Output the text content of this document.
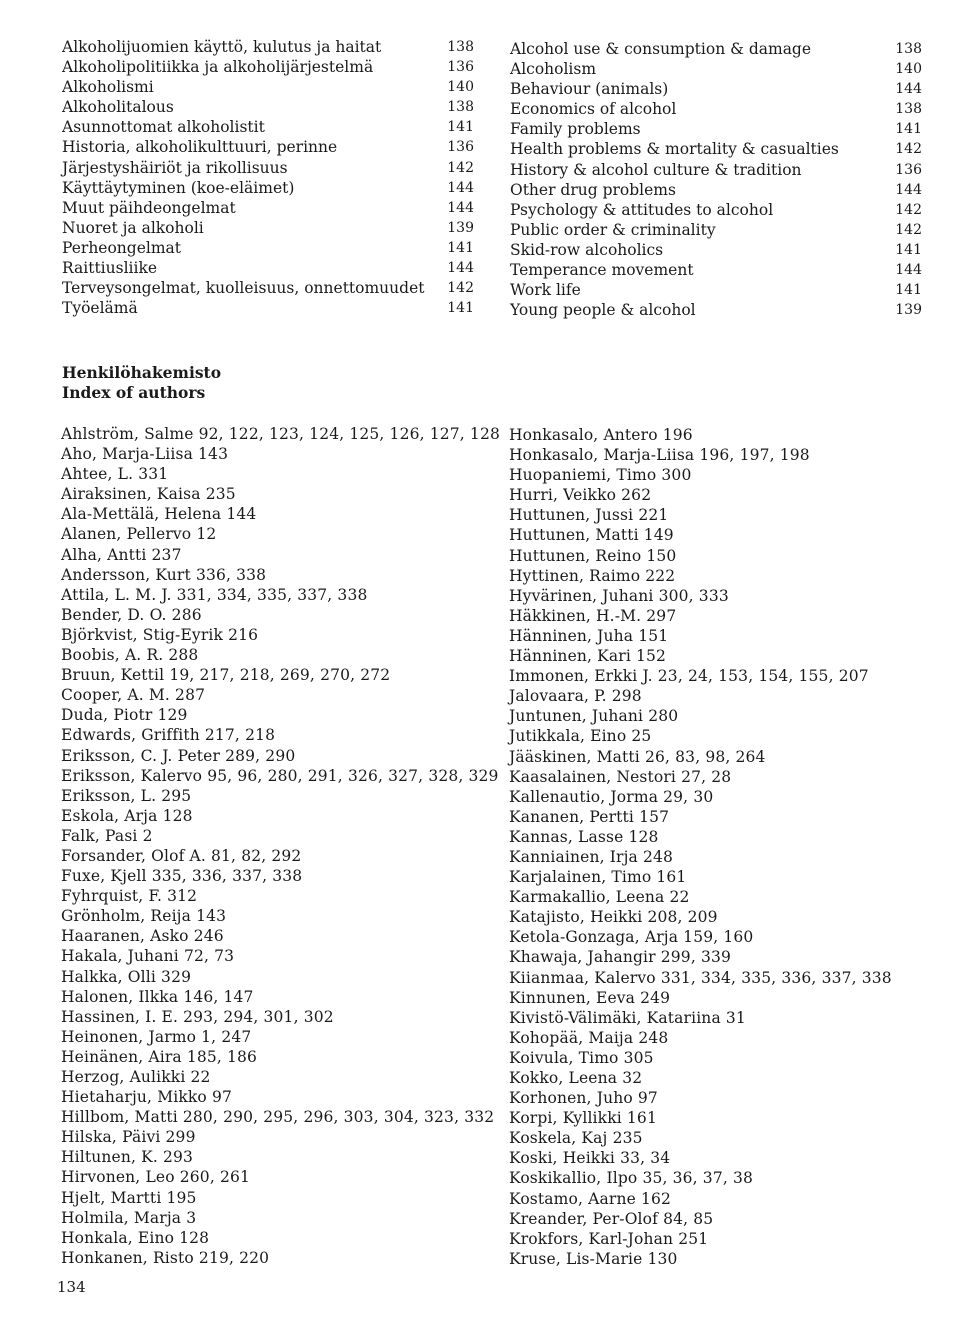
Alkoholijuomien käyttö, kulutus ja haitat	138
Alkoholipolitiikka ja alkoholijärjestelmä	136
Alkoholismi	140
Alkoholitalous	138
Asunnottomat alkoholistit	141
Historia, alkoholikulttuuri, perinne	136
Järjestyshäiriöt ja rikollisuus	142
Käyttäytyminen (koe-eläimet)	144
Muut päihdeongelmat	144
Nuoret ja alkoholi	139
Perheongelmat	141
Raittiusliike	144
Terveysongelmat, kuolleisuus, onnettomuudet 142
Työelämä	141
Alcohol use & consumption & damage	138
Alcoholism	140
Behaviour (animals)	144
Economics of alcohol	138
Family problems	141
Health problems & mortality & casualties	142
History & alcohol culture & tradition	136
Other drug problems	144
Psychology & attitudes to alcohol	142
Public order & criminality	142
Skid-row alcoholics	141
Temperance movement	144
Work life	141
Young people & alcohol	139
Henkilöhakemisto
Index of authors
Ahlström, Salme 92, 122, 123, 124, 125, 126, 127, 128
Aho, Marja-Liisa 143
Ahtee, L. 331
Airaksinen, Kaisa 235
Ala-Mettälä, Helena 144
Alanen, Pellervo 12
Alha, Antti 237
Andersson, Kurt 336, 338
Attila, L. M. J. 331, 334, 335, 337, 338
Bender, D. O. 286
Björkvist, Stig-Eyrik 216
Boobis, A. R. 288
Bruun, Kettil 19, 217, 218, 269, 270, 272
Cooper, A. M. 287
Duda, Piotr 129
Edwards, Griffith 217, 218
Eriksson, C. J. Peter 289, 290
Eriksson, Kalervo 95, 96, 280, 291, 326, 327, 328, 329
Eriksson, L. 295
Eskola, Arja 128
Falk, Pasi 2
Forsander, Olof A. 81, 82, 292
Fuxe, Kjell 335, 336, 337, 338
Fyhrquist, F. 312
Grönholm, Reija 143
Haaranen, Asko 246
Hakala, Juhani 72, 73
Halkka, Olli 329
Halonen, Ilkka 146, 147
Hassinen, I. E. 293, 294, 301, 302
Heinonen, Jarmo 1, 247
Heinänen, Aira 185, 186
Herzog, Aulikki 22
Hietaharju, Mikko 97
Hillbom, Matti 280, 290, 295, 296, 303, 304, 323, 332
Hilska, Päivi 299
Hiltunen, K. 293
Hirvonen, Leo 260, 261
Hjelt, Martti 195
Holmila, Marja 3
Honkala, Eino 128
Honkanen, Risto 219, 220
Honkasalo, Antero 196
Honkasalo, Marja-Liisa 196, 197, 198
Huopaniemi, Timo 300
Hurri, Veikko 262
Huttunen, Jussi 221
Huttunen, Matti 149
Huttunen, Reino 150
Hyttinen, Raimo 222
Hyvärinen, Juhani 300, 333
Häkkinen, H.-M. 297
Hänninen, Juha 151
Hänninen, Kari 152
Immonen, Erkki J. 23, 24, 153, 154, 155, 207
Jalovaara, P. 298
Juntunen, Juhani 280
Jutikkala, Eino 25
Jääskinen, Matti 26, 83, 98, 264
Kaasalainen, Nestori 27, 28
Kallenautio, Jorma 29, 30
Kananen, Pertti 157
Kannas, Lasse 128
Kanniainen, Irja 248
Karjalainen, Timo 161
Karmakallio, Leena 22
Katajisto, Heikki 208, 209
Ketola-Gonzaga, Arja 159, 160
Khawaja, Jahangir 299, 339
Kiianmaa, Kalervo 331, 334, 335, 336, 337, 338
Kinnunen, Eeva 249
Kivistö-Välimäki, Katariina 31
Kohopää, Maija 248
Koivula, Timo 305
Kokko, Leena 32
Korhonen, Juho 97
Korpi, Kyllikki 161
Koskela, Kaj 235
Koski, Heikki 33, 34
Koskikallio, Ilpo 35, 36, 37, 38
Kostamo, Aarne 162
Kreander, Per-Olof 84, 85
Krokfors, Karl-Johan 251
Kruse, Lis-Marie 130
134
